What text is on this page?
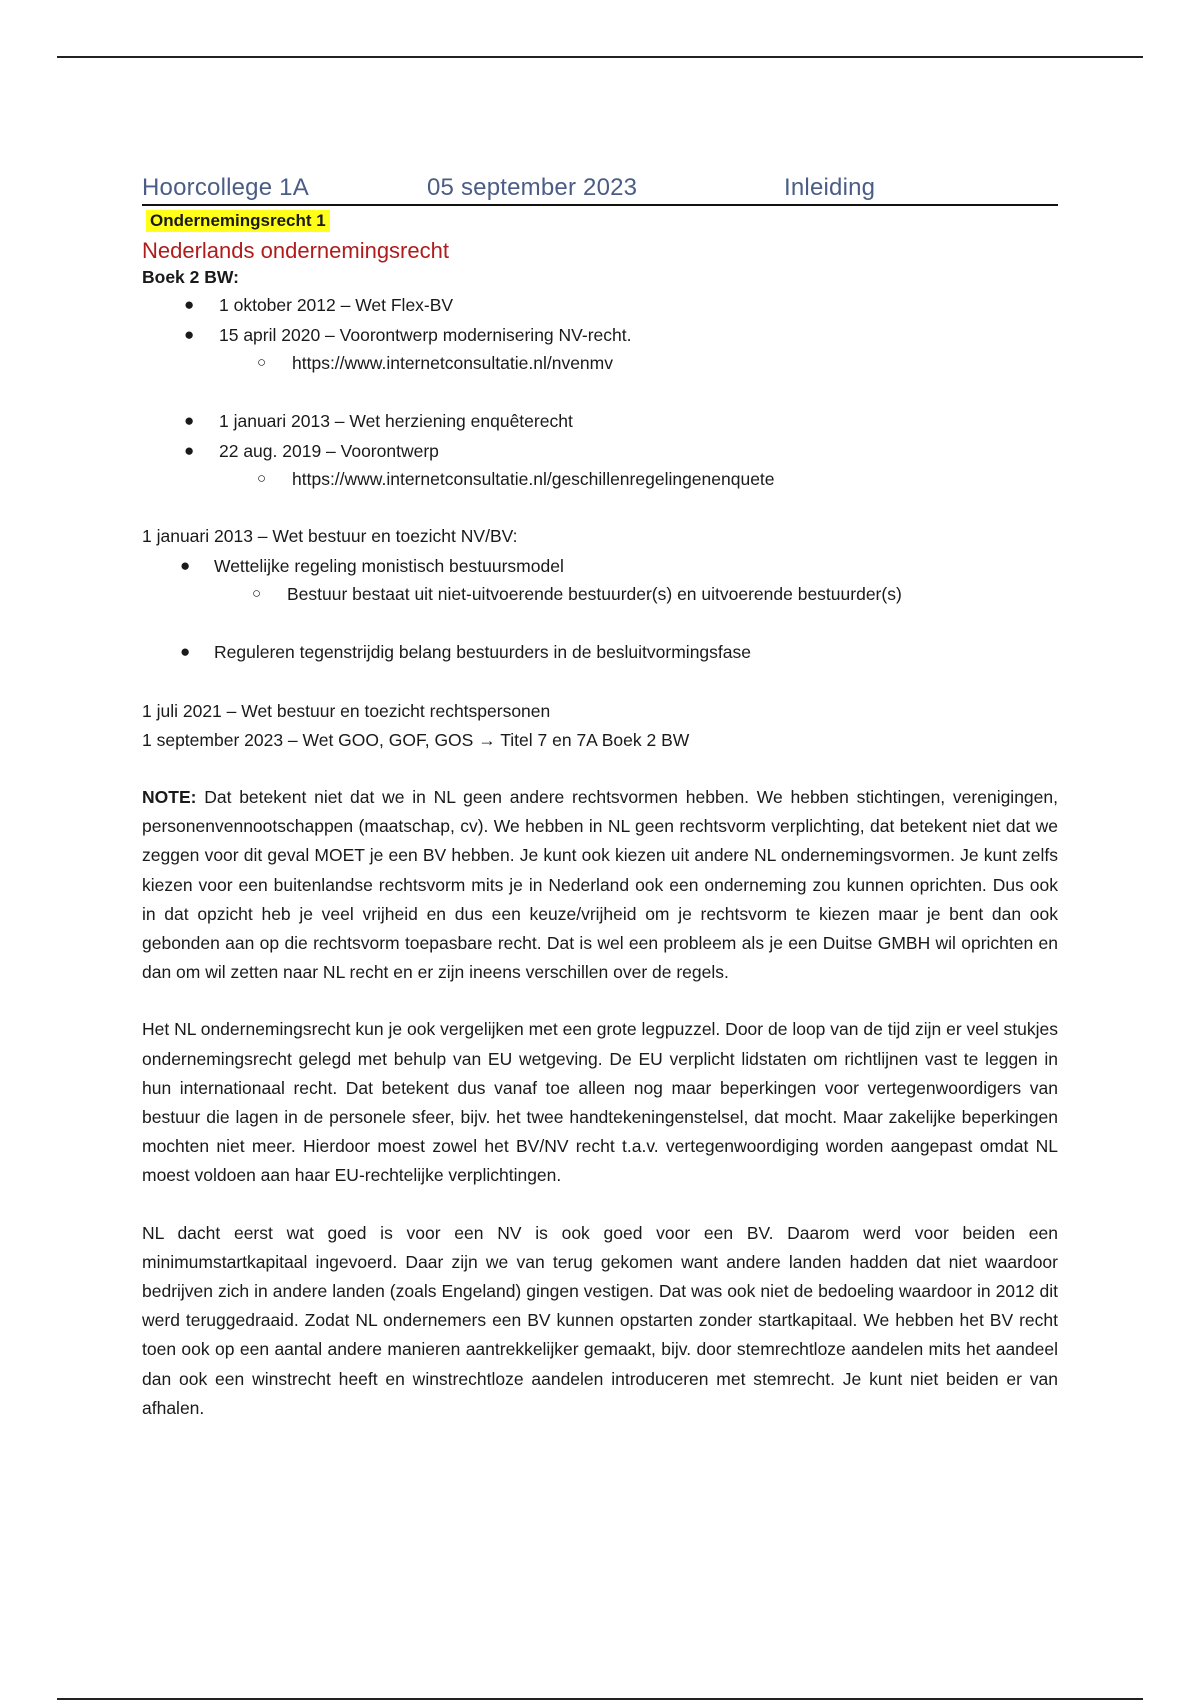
Hoorcollege 1A	05 september 2023	Inleiding
Ondernemingsrecht 1
Nederlands ondernemingsrecht
Boek 2 BW:
● 1 oktober 2012 – Wet Flex-BV
● 15 april 2020 – Voorontwerp modernisering NV-recht.
○ https://www.internetconsultatie.nl/nvenmv
● 1 januari 2013 – Wet herziening enquêterecht
● 22 aug. 2019 – Voorontwerp
○ https://www.internetconsultatie.nl/geschillenregelingenenquete
1 januari 2013 – Wet bestuur en toezicht NV/BV:
● Wettelijke regeling monistisch bestuursmodel
○ Bestuur bestaat uit niet-uitvoerende bestuurder(s) en uitvoerende bestuurder(s)
● Reguleren tegenstrijdig belang bestuurders in de besluitvormingsfase
1 juli 2021 – Wet bestuur en toezicht rechtspersonen
1 september 2023 – Wet GOO, GOF, GOS → Titel 7 en 7A Boek 2 BW

NOTE: Dat betekent niet dat we in NL geen andere rechtsvormen hebben. We hebben stichtingen, verenigingen, personenvennootschappen (maatschap, cv). We hebben in NL geen rechtsvorm verplichting, dat betekent niet dat we zeggen voor dit geval MOET je een BV hebben. Je kunt ook kiezen uit andere NL ondernemingsvormen. Je kunt zelfs kiezen voor een buitenlandse rechtsvorm mits je in Nederland ook een onderneming zou kunnen oprichten. Dus ook in dat opzicht heb je veel vrijheid en dus een keuze/vrijheid om je rechtsvorm te kiezen maar je bent dan ook gebonden aan op die rechtsvorm toepasbare recht. Dat is wel een probleem als je een Duitse GMBH wil oprichten en dan om wil zetten naar NL recht en er zijn ineens verschillen over de regels.

Het NL ondernemingsrecht kun je ook vergelijken met een grote legpuzzel. Door de loop van de tijd zijn er veel stukjes ondernemingsrecht gelegd met behulp van EU wetgeving. De EU verplicht lidstaten om richtlijnen vast te leggen in hun internationaal recht. Dat betekent dus vanaf toe alleen nog maar beperkingen voor vertegenwoordigers van bestuur die lagen in de personele sfeer, bijv. het twee handtekeningenstelsel, dat mocht. Maar zakelijke beperkingen mochten niet meer. Hierdoor moest zowel het BV/NV recht t.a.v. vertegenwoordiging worden aangepast omdat NL moest voldoen aan haar EU-rechtelijke verplichtingen.

NL dacht eerst wat goed is voor een NV is ook goed voor een BV. Daarom werd voor beiden een minimumstartkapitaal ingevoerd. Daar zijn we van terug gekomen want andere landen hadden dat niet waardoor bedrijven zich in andere landen (zoals Engeland) gingen vestigen. Dat was ook niet de bedoeling waardoor in 2012 dit werd teruggedraaid. Zodat NL ondernemers een BV kunnen opstarten zonder startkapitaal. We hebben het BV recht toen ook op een aantal andere manieren aantrekkelijker gemaakt, bijv. door stemrechtloze aandelen mits het aandeel dan ook een winstrecht heeft en winstrechtloze aandelen introduceren met stemrecht. Je kunt niet beiden er van afhalen.
